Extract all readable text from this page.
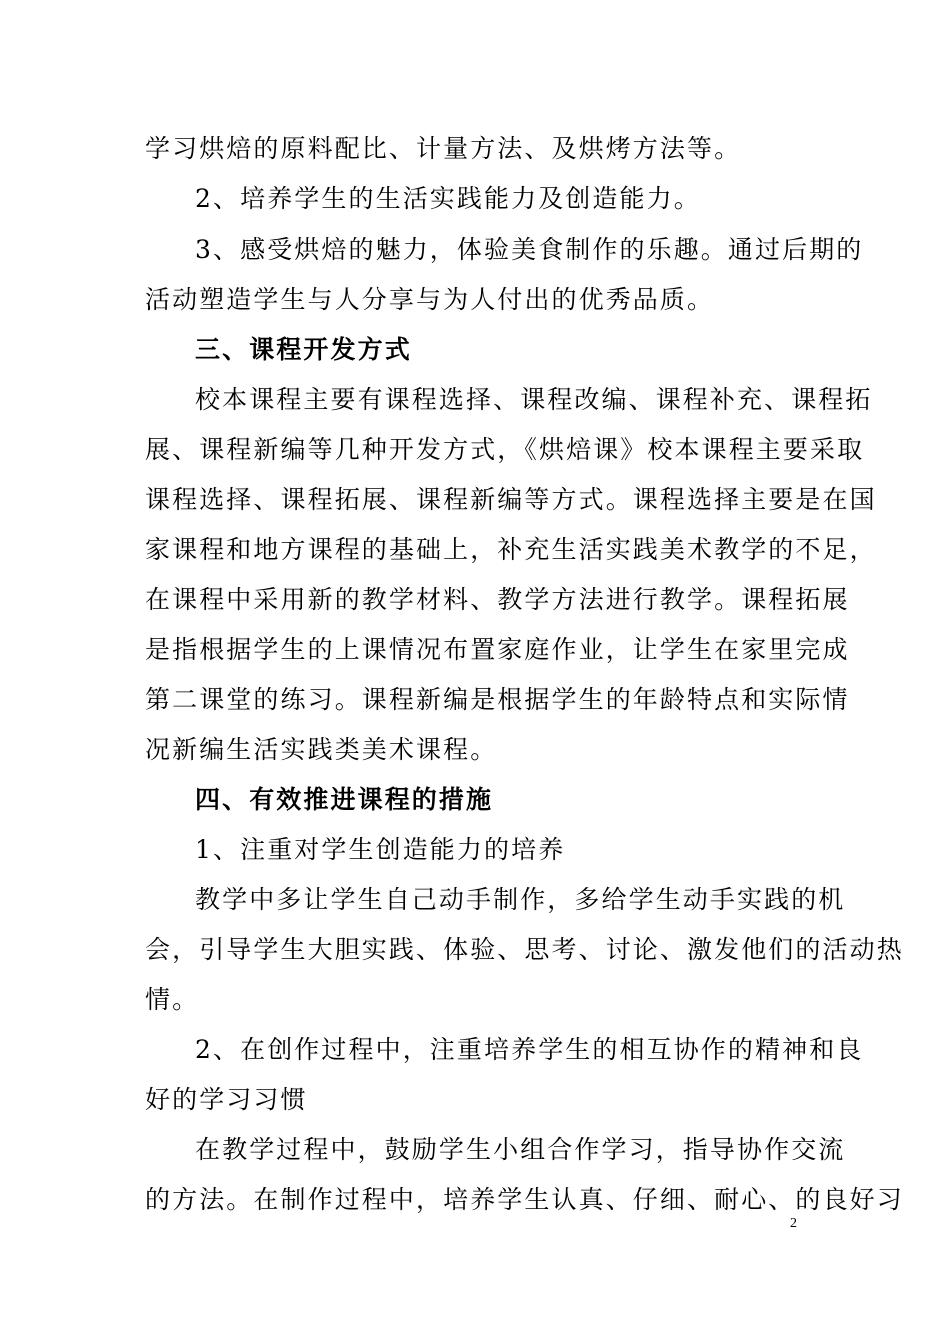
学习烘焙的原料配比、计量方法、及烘烤方法等。
2、培养学生的生活实践能力及创造能力。
3、感受烘焙的魅力，体验美食制作的乐趣。通过后期的
活动塑造学生与人分享与为人付出的优秀品质。
三、课程开发方式
校本课程主要有课程选择、课程改编、课程补充、课程拓
展、课程新编等几种开发方式，《烘焙课》校本课程主要采取
课程选择、课程拓展、课程新编等方式。课程选择主要是在国
家课程和地方课程的基础上，补充生活实践美术教学的不足，
在课程中采用新的教学材料、教学方法进行教学。课程拓展
是指根据学生的上课情况布置家庭作业，让学生在家里完成
第二课堂的练习。课程新编是根据学生的年龄特点和实际情
况新编生活实践类美术课程。
四、有效推进课程的措施
1、注重对学生创造能力的培养
教学中多让学生自己动手制作，多给学生动手实践的机
会，引导学生大胆实践、体验、思考、讨论、激发他们的活动热
情。
2、在创作过程中，注重培养学生的相互协作的精神和良
好的学习习惯
在教学过程中，鼓励学生小组合作学习，指导协作交流
的方法。在制作过程中，培养学生认真、仔细、耐心、的良好习
2
